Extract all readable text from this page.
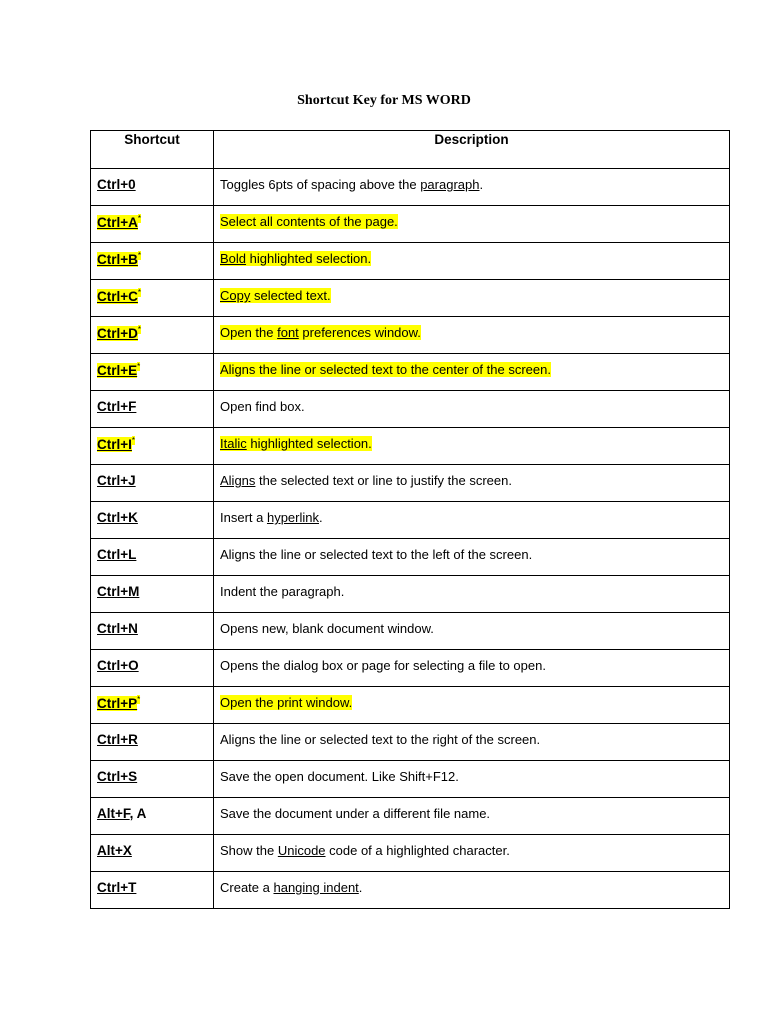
Shortcut Key for MS WORD
Shortcut	Description
Ctrl+0	Toggles 6pts of spacing above the paragraph.
Ctrl+A*	Select all contents of the page.
Ctrl+B*	Bold highlighted selection.
Ctrl+C*	Copy selected text.
Ctrl+D*	Open the font preferences window.
Ctrl+E*	Aligns the line or selected text to the center of the screen.
Ctrl+F	Open find box.
Ctrl+I*	Italic highlighted selection.
Ctrl+J	Aligns the selected text or line to justify the screen.
Ctrl+K	Insert a hyperlink.
Ctrl+L	Aligns the line or selected text to the left of the screen.
Ctrl+M	Indent the paragraph.
Ctrl+N	Opens new, blank document window.
Ctrl+O	Opens the dialog box or page for selecting a file to open.
Ctrl+P*	Open the print window.
Ctrl+R	Aligns the line or selected text to the right of the screen.
Ctrl+S	Save the open document. Like Shift+F12.
Alt+F, A	Save the document under a different file name.
Alt+X	Show the Unicode code of a highlighted character.
Ctrl+T	Create a hanging indent.
